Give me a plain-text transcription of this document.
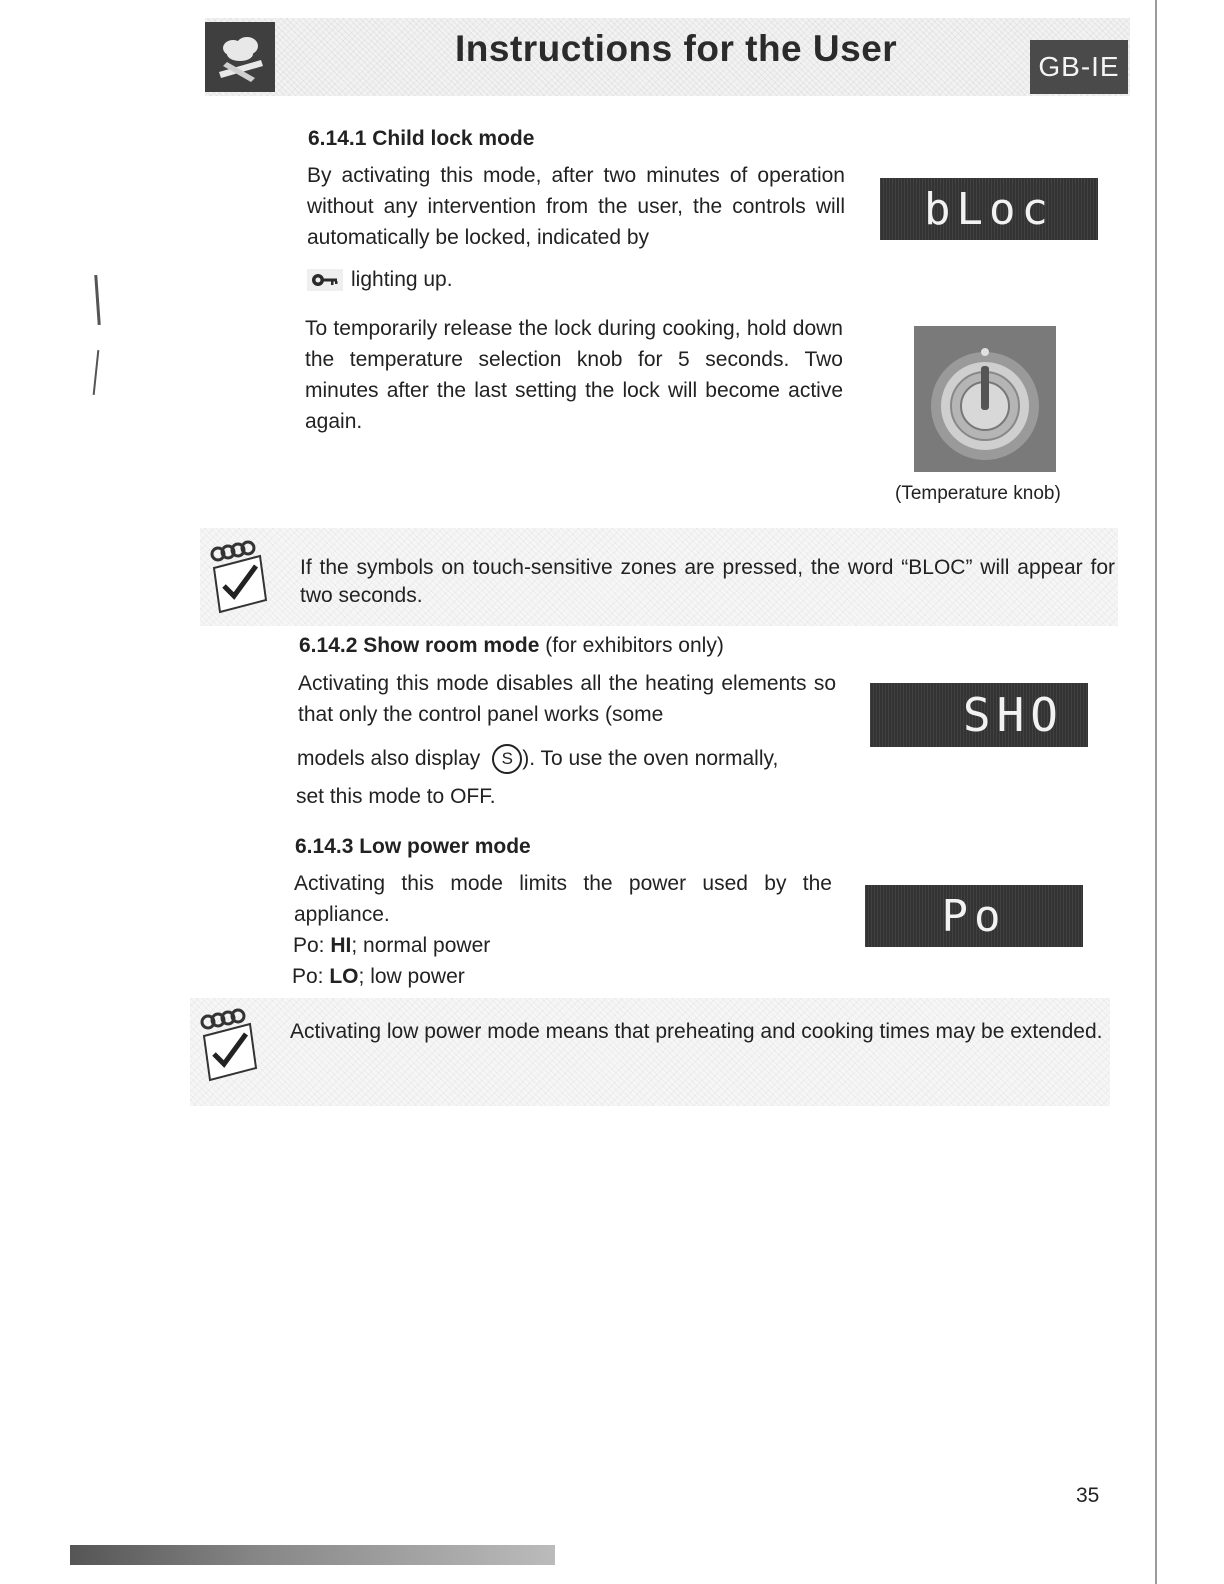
Instructions for the User	GB-IE
6.14.1 Child lock mode
By activating this mode, after two minutes of operation without any intervention from the user, the controls will automatically be locked, indicated by
lighting up.
To temporarily release the lock during cooking, hold down the temperature selection knob for 5 seconds. Two minutes after the last setting the lock will become active again.
bLoc
(Temperature knob)
If the symbols on touch-sensitive zones are pressed, the word “BLOC” will appear for two seconds.
6.14.2 Show room mode (for exhibitors only)
Activating this mode disables all the heating elements so that only the control panel works (some
models also display S ). To use the oven normally,
set this mode to OFF.
SHO
6.14.3 Low power mode
Activating this mode limits the power used by the appliance.
Po: HI; normal power
Po: LO; low power
Po
Activating low power mode means that preheating and cooking times may be extended.
35
